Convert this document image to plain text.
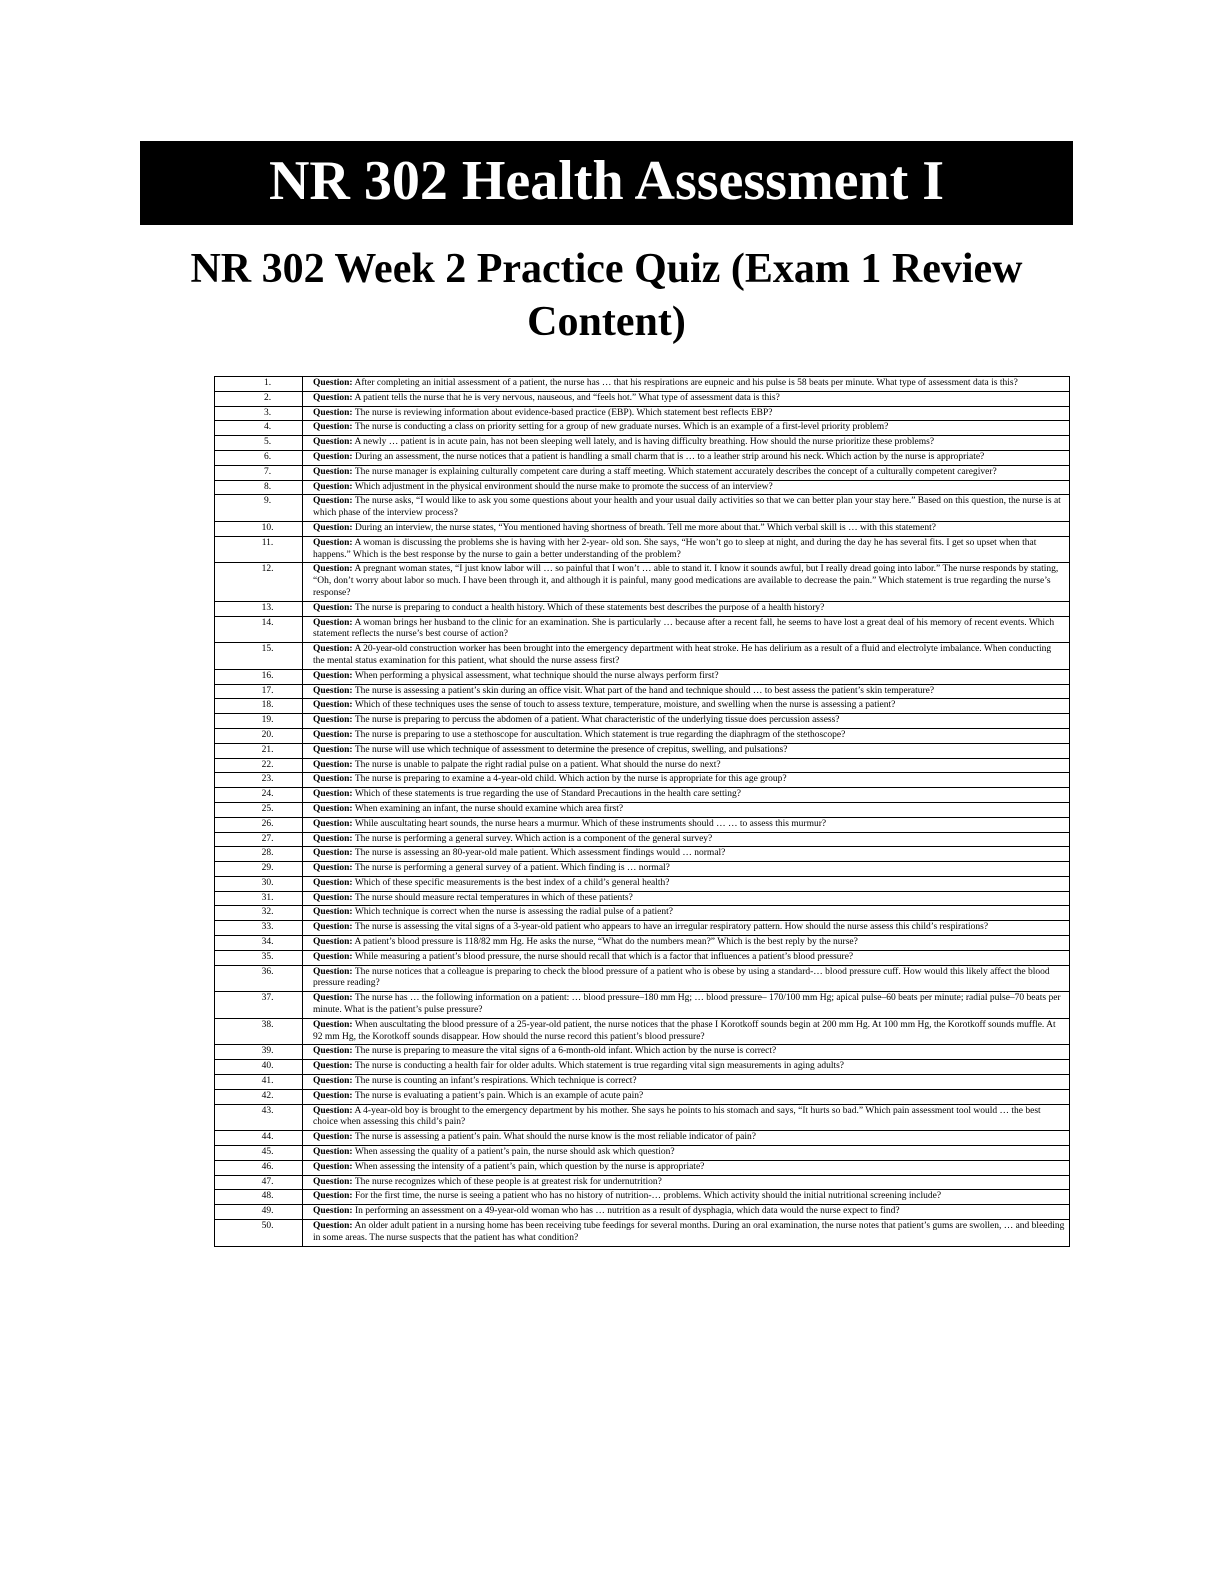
NR 302 Health Assessment I
NR 302 Week 2 Practice Quiz (Exam 1 Review Content)
1.	Question: After completing an initial assessment of a patient, the nurse has … that his respirations are eupneic and his pulse is 58 beats per minute. What type of assessment data is this?
2.	Question: A patient tells the nurse that he is very nervous, nauseous, and “feels hot.” What type of assessment data is this?
3.	Question: The nurse is reviewing information about evidence-based practice (EBP). Which statement best reflects EBP?
4.	Question: The nurse is conducting a class on priority setting for a group of new graduate nurses. Which is an example of a first-level priority problem?
5.	Question: A newly … patient is in acute pain, has not been sleeping well lately, and is having difficulty breathing. How should the nurse prioritize these problems?
6.	Question: During an assessment, the nurse notices that a patient is handling a small charm that is … to a leather strip around his neck. Which action by the nurse is appropriate?
7.	Question: The nurse manager is explaining culturally competent care during a staff meeting. Which statement accurately describes the concept of a culturally competent caregiver?
8.	Question: Which adjustment in the physical environment should the nurse make to promote the success of an interview?
9.	Question: The nurse asks, “I would like to ask you some questions about your health and your usual daily activities so that we can better plan your stay here.” Based on this question, the nurse is at which phase of the interview process?
10.	Question: During an interview, the nurse states, “You mentioned having shortness of breath. Tell me more about that.” Which verbal skill is … with this statement?
11.	Question: A woman is discussing the problems she is having with her 2-year- old son. She says, “He won’t go to sleep at night, and during the day he has several fits. I get so upset when that happens.” Which is the best response by the nurse to gain a better understanding of the problem?
12.	Question: A pregnant woman states, “I just know labor will … so painful that I won’t … able to stand it. I know it sounds awful, but I really dread going into labor.” The nurse responds by stating, “Oh, don’t worry about labor so much. I have been through it, and although it is painful, many good medications are available to decrease the pain.” Which statement is true regarding the nurse’s response?
13.	Question: The nurse is preparing to conduct a health history. Which of these statements best describes the purpose of a health history?
14.	Question: A woman brings her husband to the clinic for an examination. She is particularly … because after a recent fall, he seems to have lost a great deal of his memory of recent events. Which statement reflects the nurse’s best course of action?
15.	Question: A 20-year-old construction worker has been brought into the emergency department with heat stroke. He has delirium as a result of a fluid and electrolyte imbalance. When conducting the mental status examination for this patient, what should the nurse assess first?
16.	Question: When performing a physical assessment, what technique should the nurse always perform first?
17.	Question: The nurse is assessing a patient’s skin during an office visit. What part of the hand and technique should … to best assess the patient’s skin temperature?
18.	Question: Which of these techniques uses the sense of touch to assess texture, temperature, moisture, and swelling when the nurse is assessing a patient?
19.	Question: The nurse is preparing to percuss the abdomen of a patient. What characteristic of the underlying tissue does percussion assess?
20.	Question: The nurse is preparing to use a stethoscope for auscultation. Which statement is true regarding the diaphragm of the stethoscope?
21.	Question: The nurse will use which technique of assessment to determine the presence of crepitus, swelling, and pulsations?
22.	Question: The nurse is unable to palpate the right radial pulse on a patient. What should the nurse do next?
23.	Question: The nurse is preparing to examine a 4-year-old child. Which action by the nurse is appropriate for this age group?
24.	Question: Which of these statements is true regarding the use of Standard Precautions in the health care setting?
25.	Question: When examining an infant, the nurse should examine which area first?
26.	Question: While auscultating heart sounds, the nurse hears a murmur. Which of these instruments should … … to assess this murmur?
27.	Question: The nurse is performing a general survey. Which action is a component of the general survey?
28.	Question: The nurse is assessing an 80-year-old male patient. Which assessment findings would … normal?
29.	Question: The nurse is performing a general survey of a patient. Which finding is … normal?
30.	Question: Which of these specific measurements is the best index of a child’s general health?
31.	Question: The nurse should measure rectal temperatures in which of these patients?
32.	Question: Which technique is correct when the nurse is assessing the radial pulse of a patient?
33.	Question: The nurse is assessing the vital signs of a 3-year-old patient who appears to have an irregular respiratory pattern. How should the nurse assess this child’s respirations?
34.	Question: A patient’s blood pressure is 118/82 mm Hg. He asks the nurse, “What do the numbers mean?” Which is the best reply by the nurse?
35.	Question: While measuring a patient’s blood pressure, the nurse should recall that which is a factor that influences a patient’s blood pressure?
36.	Question: The nurse notices that a colleague is preparing to check the blood pressure of a patient who is obese by using a standard-… blood pressure cuff. How would this likely affect the blood pressure reading?
37.	Question: The nurse has … the following information on a patient: … blood pressure–180 mm Hg; … blood pressure– 170/100 mm Hg; apical pulse–60 beats per minute; radial pulse–70 beats per minute. What is the patient’s pulse pressure?
38.	Question: When auscultating the blood pressure of a 25-year-old patient, the nurse notices that the phase I Korotkoff sounds begin at 200 mm Hg. At 100 mm Hg, the Korotkoff sounds muffle. At 92 mm Hg, the Korotkoff sounds disappear. How should the nurse record this patient’s blood pressure?
39.	Question: The nurse is preparing to measure the vital signs of a 6-month-old infant. Which action by the nurse is correct?
40.	Question: The nurse is conducting a health fair for older adults. Which statement is true regarding vital sign measurements in aging adults?
41.	Question: The nurse is counting an infant’s respirations. Which technique is correct?
42.	Question: The nurse is evaluating a patient’s pain. Which is an example of acute pain?
43.	Question: A 4-year-old boy is brought to the emergency department by his mother. She says he points to his stomach and says, “It hurts so bad.” Which pain assessment tool would … the best choice when assessing this child’s pain?
44.	Question: The nurse is assessing a patient’s pain. What should the nurse know is the most reliable indicator of pain?
45.	Question: When assessing the quality of a patient’s pain, the nurse should ask which question?
46.	Question: When assessing the intensity of a patient’s pain, which question by the nurse is appropriate?
47.	Question: The nurse recognizes which of these people is at greatest risk for undernutrition?
48.	Question: For the first time, the nurse is seeing a patient who has no history of nutrition-… problems. Which activity should the initial nutritional screening include?
49.	Question: In performing an assessment on a 49-year-old woman who has … nutrition as a result of dysphagia, which data would the nurse expect to find?
50.	Question: An older adult patient in a nursing home has been receiving tube feedings for several months. During an oral examination, the nurse notes that patient’s gums are swollen, … and bleeding in some areas. The nurse suspects that the patient has what condition?
